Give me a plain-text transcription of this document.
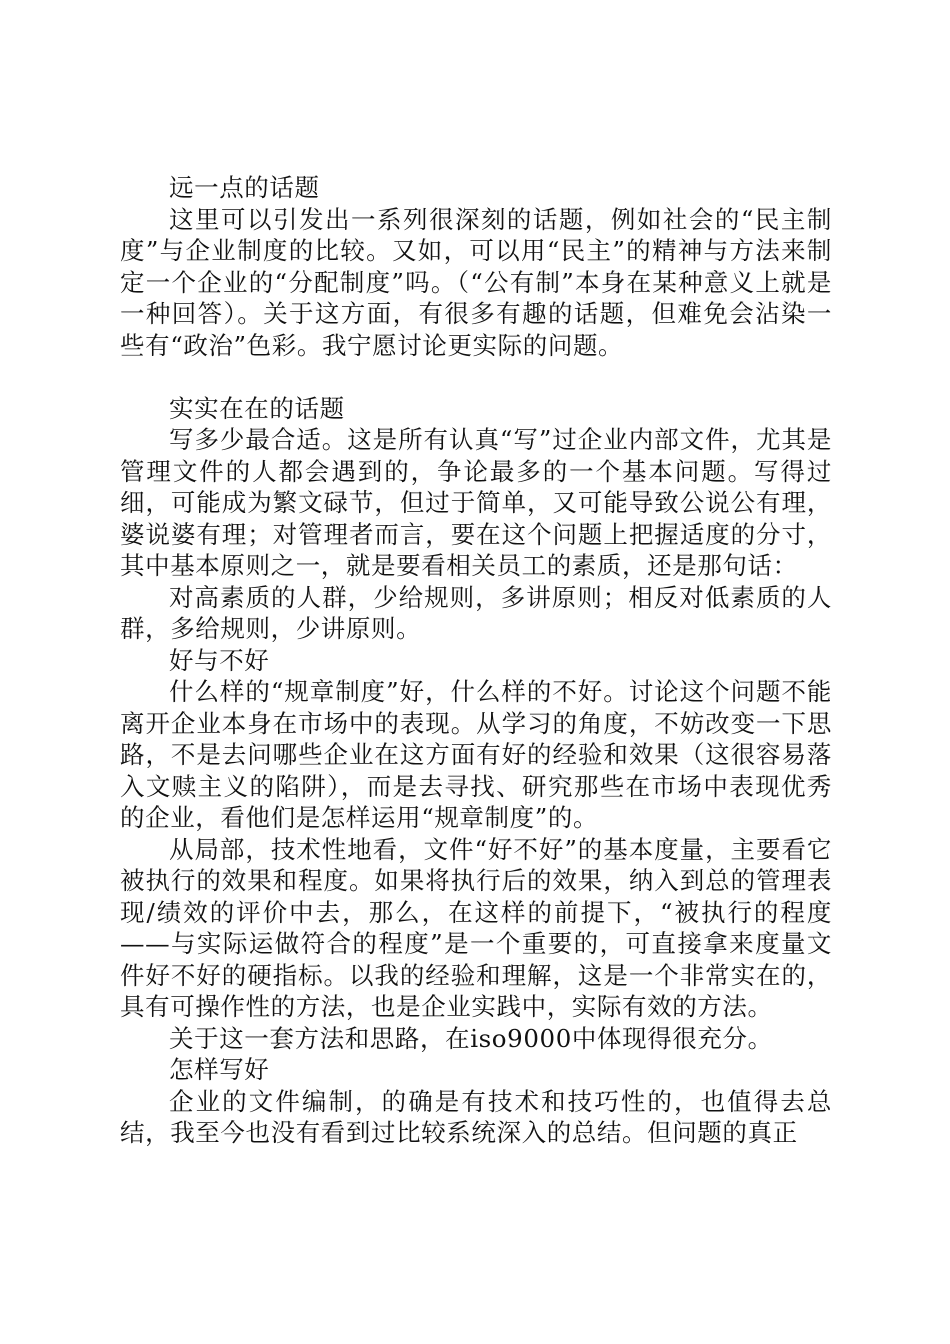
远一点的话题

这里可以引发出一系列很深刻的话题，例如社会的“民主制度”与企业制度的比较。又如，可以用“民主”的精神与方法来制定一个企业的“分配制度”吗。（“公有制”本身在某种意义上就是一种回答）。关于这方面，有很多有趣的话题，但难免会沾染一些有“政治”色彩。我宁愿讨论更实际的问题。

实实在在的话题

写多少最合适。这是所有认真“写”过企业内部文件，尤其是管理文件的人都会遇到的，争论最多的一个基本问题。写得过细，可能成为繁文碌节，但过于简单，又可能导致公说公有理，婆说婆有理；对管理者而言，要在这个问题上把握适度的分寸，其中基本原则之一，就是要看相关员工的素质，还是那句话：

对高素质的人群，少给规则，多讲原则；相反对低素质的人群，多给规则，少讲原则。

好与不好

什么样的“规章制度”好，什么样的不好。讨论这个问题不能离开企业本身在市场中的表现。从学习的角度，不妨改变一下思路，不是去问哪些企业在这方面有好的经验和效果（这很容易落入文赎主义的陷阱），而是去寻找、研究那些在市场中表现优秀的企业，看他们是怎样运用“规章制度”的。

从局部，技术性地看，文件“好不好”的基本度量，主要看它被执行的效果和程度。如果将执行后的效果，纳入到总的管理表现/绩效的评价中去，那么，在这样的前提下，“被执行的程度——与实际运做符合的程度”是一个重要的，可直接拿来度量文件好不好的硬指标。以我的经验和理解，这是一个非常实在的，具有可操作性的方法，也是企业实践中，实际有效的方法。

关于这一套方法和思路，在iso9000中体现得很充分。

怎样写好

企业的文件编制，的确是有技术和技巧性的，也值得去总结，我至今也没有看到过比较系统深入的总结。但问题的真正
